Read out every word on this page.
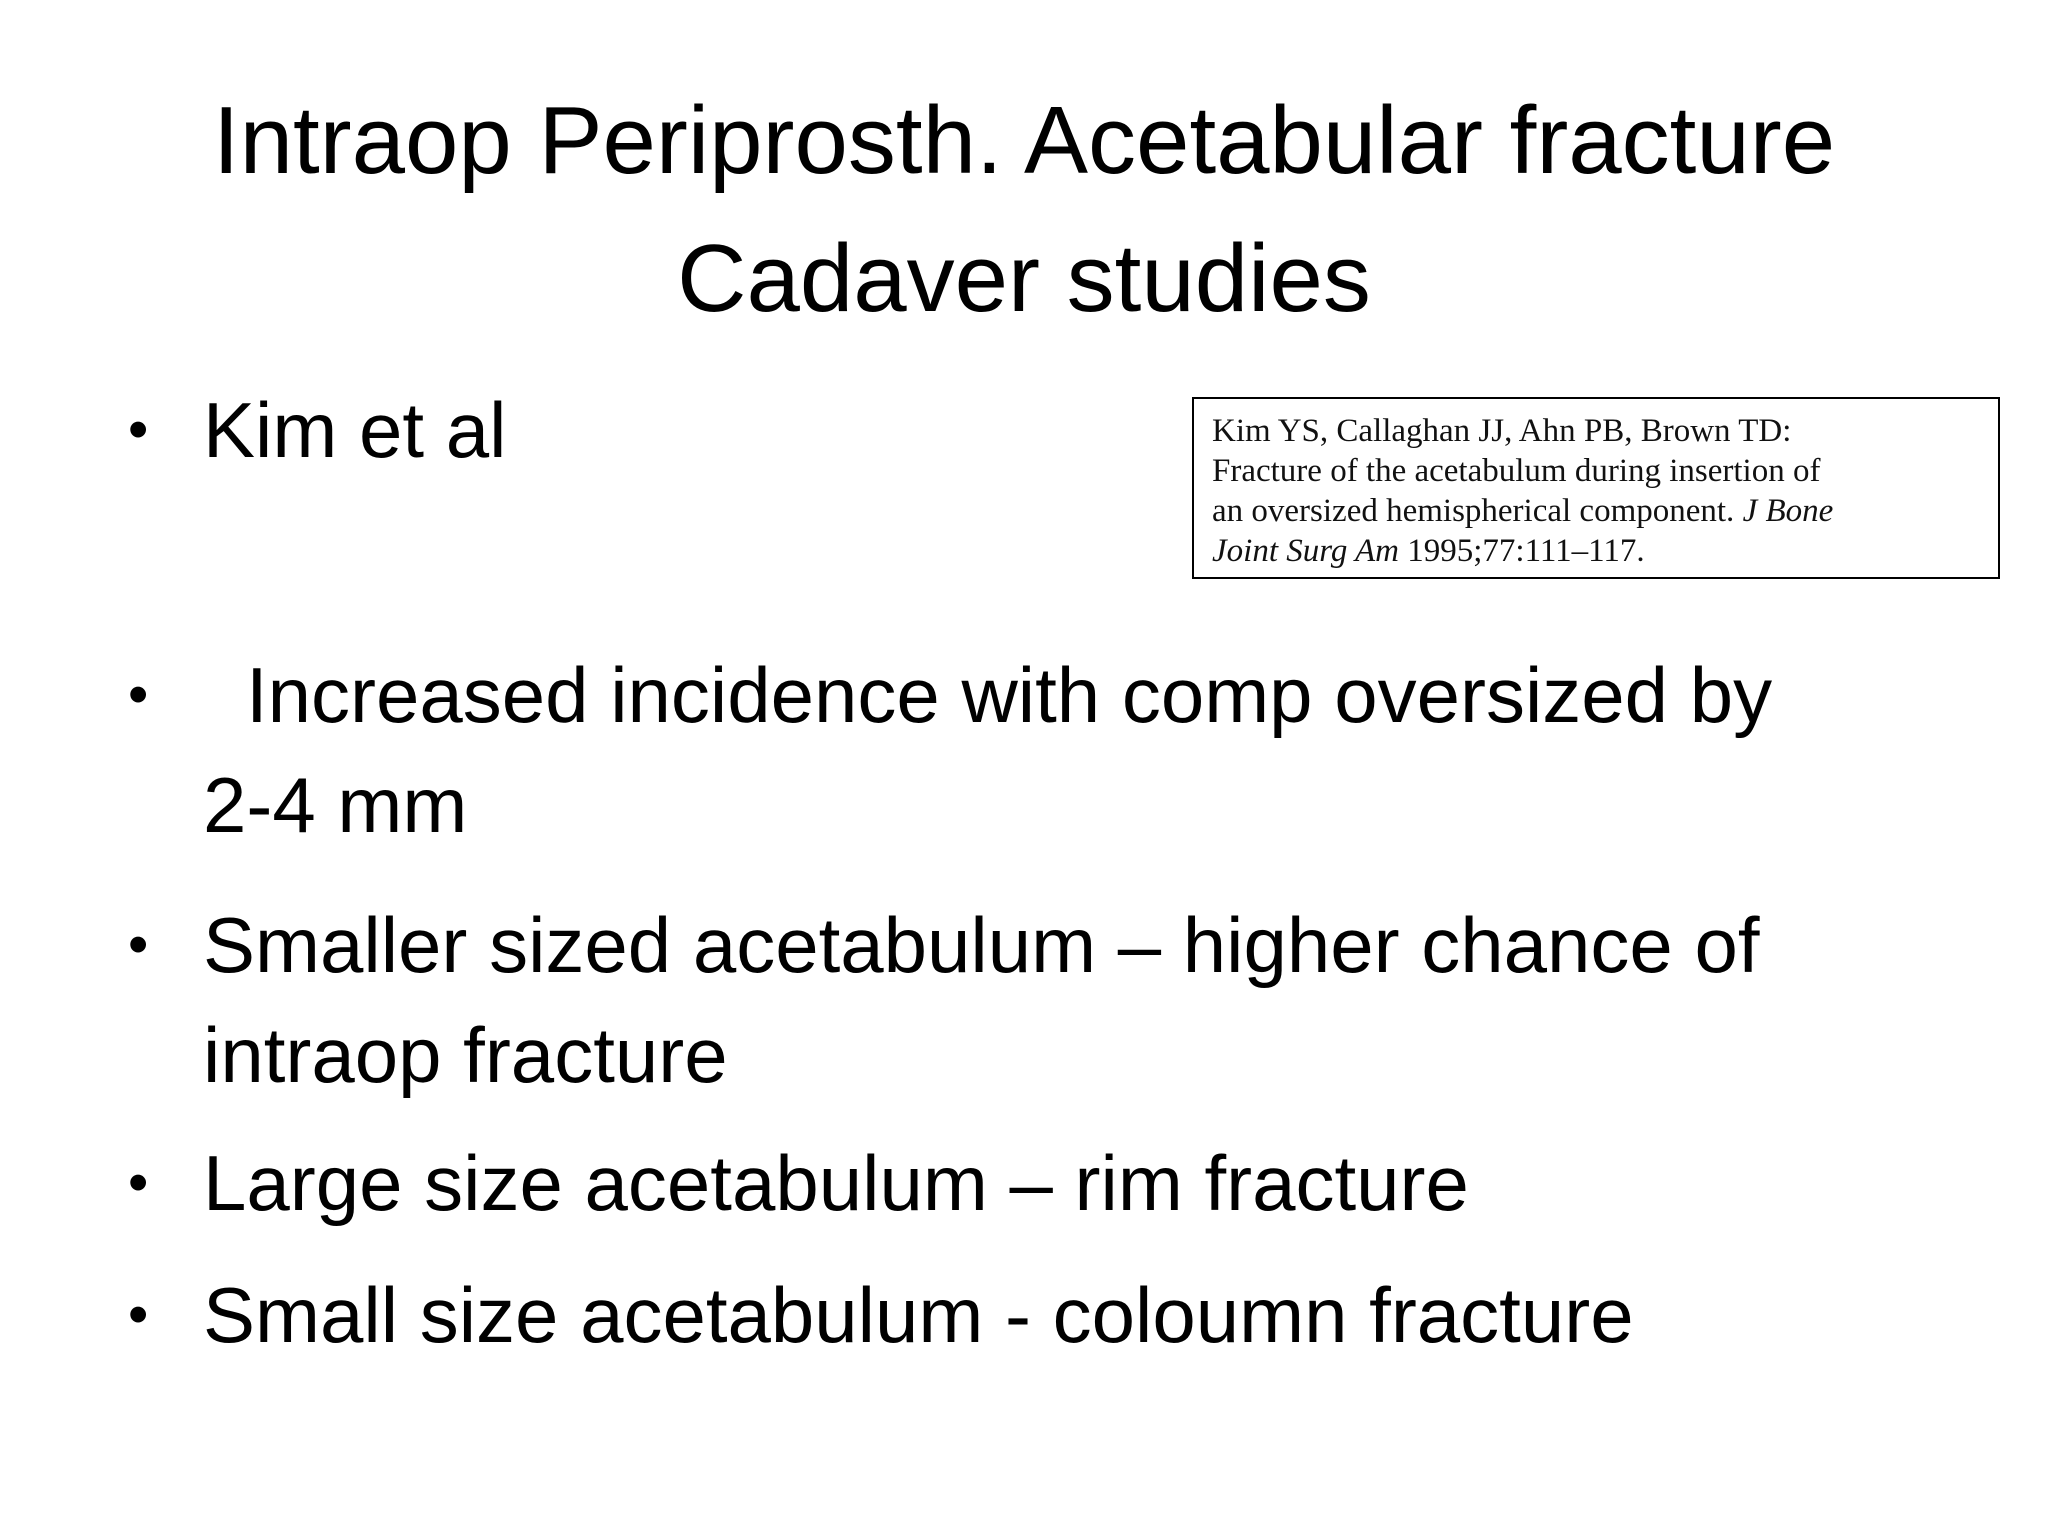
Intraop Periprosth. Acetabular fracture
Cadaver studies
• Kim et al	Kim YS, Callaghan JJ, Ahn PB, Brown TD:
Fracture of the acetabulum during insertion of
an oversized hemispherical component. J Bone
Joint Surg Am 1995;77:111–117.
• Increased incidence with comp oversized by
2-4 mm
• Smaller sized acetabulum – higher chance of
intraop fracture
• Large size acetabulum – rim fracture
• Small size acetabulum - coloumn fracture
